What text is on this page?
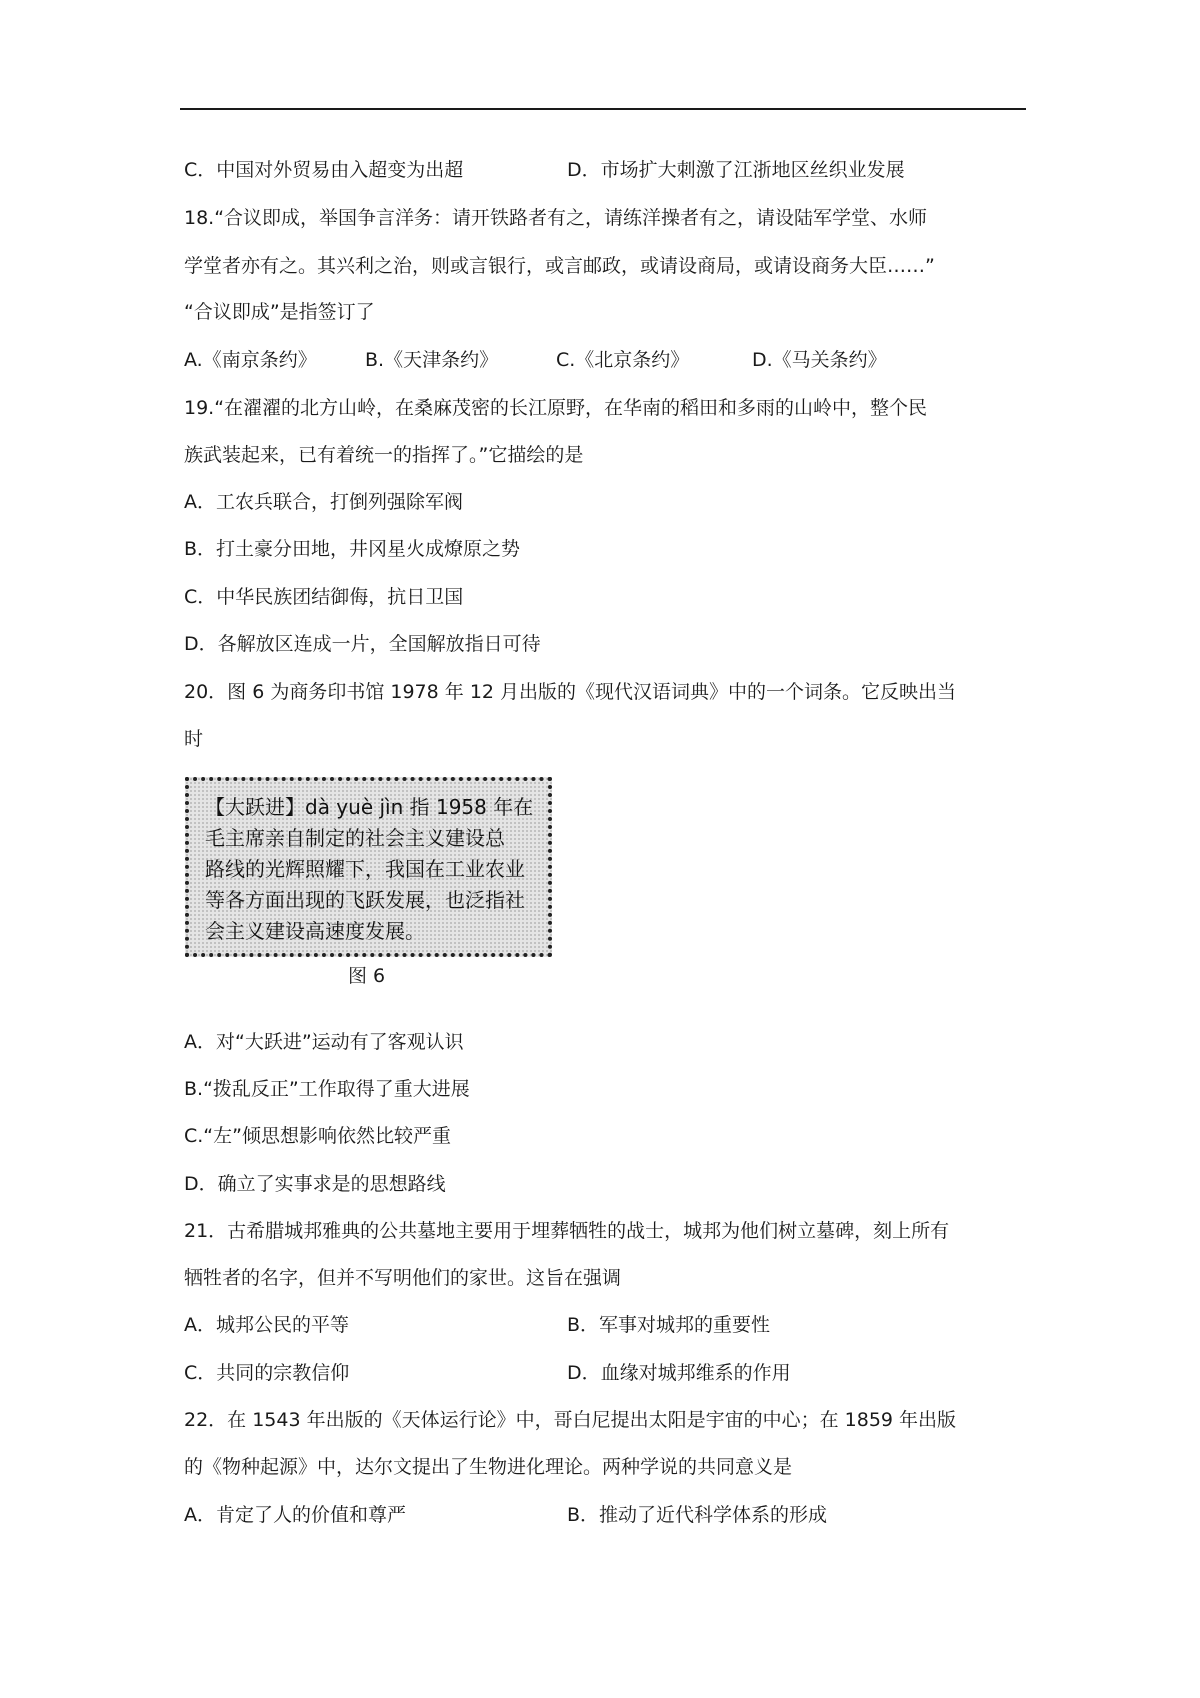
C．中国对外贸易由入超变为出超	D．市场扩大刺激了江浙地区丝织业发展
18.“合议即成，举国争言洋务：请开铁路者有之，请练洋操者有之，请设陆军学堂、水师
学堂者亦有之。其兴利之治，则或言银行，或言邮政，或请设商局，或请设商务大臣……”
“合议即成”是指签订了
A.《南京条约》	B.《天津条约》	C.《北京条约》	D.《马关条约》
19.“在濯濯的北方山岭，在桑麻茂密的长江原野，在华南的稻田和多雨的山岭中，整个民
族武装起来，已有着统一的指挥了。”它描绘的是
A．工农兵联合，打倒列强除军阀
B．打土豪分田地，井冈星火成燎原之势
C．中华民族团结御侮，抗日卫国
D．各解放区连成一片，全国解放指日可待
20．图 6 为商务印书馆 1978 年 12 月出版的《现代汉语词典》中的一个词条。它反映出当
时
【大跃进】dà yuè jìn 指 1958 年在
毛主席亲自制定的社会主义建设总
路线的光辉照耀下，我国在工业农业
等各方面出现的飞跃发展，也泛指社
会主义建设高速度发展。
图 6
A．对“大跃进”运动有了客观认识
B.“拨乱反正”工作取得了重大进展
C.“左”倾思想影响依然比较严重
D．确立了实事求是的思想路线
21．古希腊城邦雅典的公共墓地主要用于埋葬牺牲的战士，城邦为他们树立墓碑，刻上所有
牺牲者的名字，但并不写明他们的家世。这旨在强调
A．城邦公民的平等	B．军事对城邦的重要性
C．共同的宗教信仰	D．血缘对城邦维系的作用
22．在 1543 年出版的《天体运行论》中，哥白尼提出太阳是宇宙的中心；在 1859 年出版
的《物种起源》中，达尔文提出了生物进化理论。两种学说的共同意义是
A．肯定了人的价值和尊严	B．推动了近代科学体系的形成
